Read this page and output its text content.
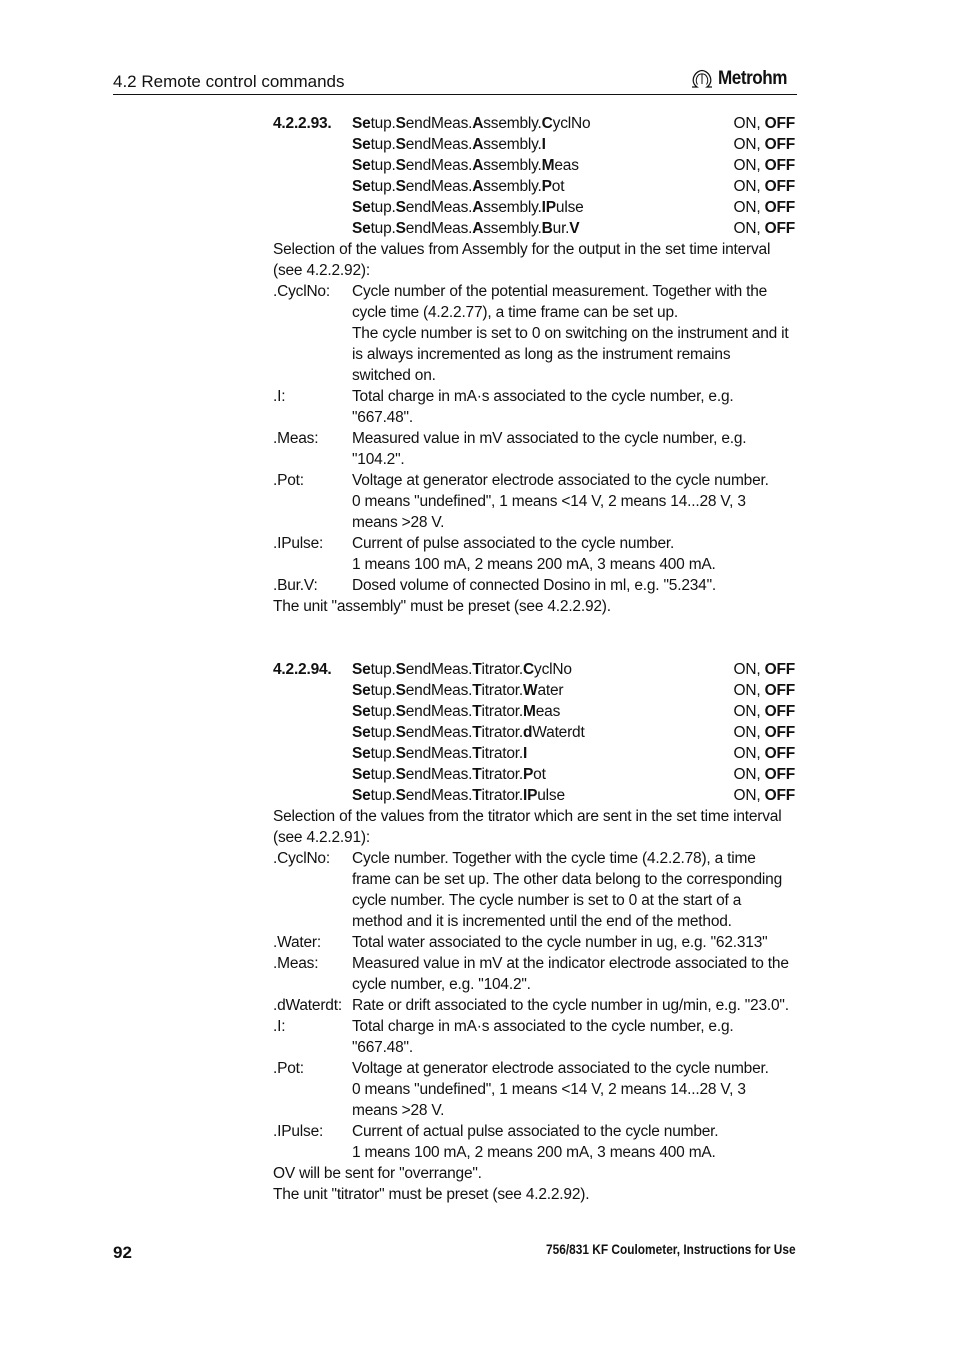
4.2 Remote control commands	Metrohm
4.2.2.93. Setup.SendMeas.Assembly.CyclNo	ON, OFF
Setup.SendMeas.Assembly.I	ON, OFF
Setup.SendMeas.Assembly.Meas	ON, OFF
Setup.SendMeas.Assembly.Pot	ON, OFF
Setup.SendMeas.Assembly.IPulse	ON, OFF
Setup.SendMeas.Assembly.Bur.V	ON, OFF
Selection of the values from Assembly for the output in the set time interval
(see 4.2.2.92):
.CyclNo:	Cycle number of the potential measurement. Together with the
cycle time (4.2.2.77), a time frame can be set up.
The cycle number is set to 0 on switching on the instrument and it
is always incremented as long as the instrument remains
switched on.
.I:	Total charge in mA·s associated to the cycle number, e.g.
"667.48".
.Meas:	Measured value in mV associated to the cycle number, e.g.
"104.2".
.Pot:	Voltage at generator electrode associated to the cycle number.
0 means "undefined", 1 means <14 V, 2 means 14...28 V, 3
means >28 V.
.IPulse:	Current of pulse associated to the cycle number.
1 means 100 mA, 2 means 200 mA, 3 means 400 mA.
.Bur.V:	Dosed volume of connected Dosino in ml, e.g. "5.234".
The unit "assembly" must be preset (see 4.2.2.92).
4.2.2.94. Setup.SendMeas.Titrator.CyclNo	ON, OFF
Setup.SendMeas.Titrator.Water	ON, OFF
Setup.SendMeas.Titrator.Meas	ON, OFF
Setup.SendMeas.Titrator.dWaterdt	ON, OFF
Setup.SendMeas.Titrator.I	ON, OFF
Setup.SendMeas.Titrator.Pot	ON, OFF
Setup.SendMeas.Titrator.IPulse	ON, OFF
Selection of the values from the titrator which are sent in the set time interval
(see 4.2.2.91):
.CyclNo:	Cycle number. Together with the cycle time (4.2.2.78), a time
frame can be set up. The other data belong to the corresponding
cycle number. The cycle number is set to 0 at the start of a
method and it is incremented until the end of the method.
.Water:	Total water associated to the cycle number in ug, e.g. "62.313"
.Meas:	Measured value in mV at the indicator electrode associated to the
cycle number, e.g. "104.2".
.dWaterdt: Rate or drift associated to the cycle number in ug/min, e.g. "23.0".
.I:	Total charge in mA·s associated to the cycle number, e.g.
"667.48".
.Pot:	Voltage at generator electrode associated to the cycle number.
0 means "undefined", 1 means <14 V, 2 means 14...28 V, 3
means >28 V.
.IPulse:	Current of actual pulse associated to the cycle number.
1 means 100 mA, 2 means 200 mA, 3 means 400 mA.
OV will be sent for "overrange".
The unit "titrator" must be preset (see 4.2.2.92).
92	756/831 KF Coulometer, Instructions for Use
